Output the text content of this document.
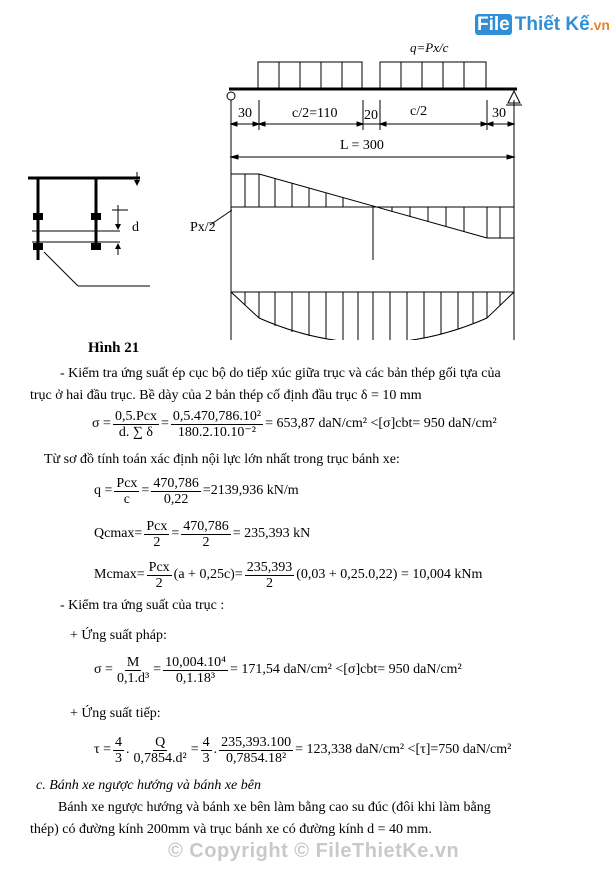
File Thiết Kế.vn
q=Px/c
30	c/2=110 20 c/2	30
L = 300
Px/2
d
Hình 21
- Kiểm tra ứng suất ép cục bộ do tiếp xúc giữa trục và các bản thép gối tựa của
trục ở hai đầu trục. Bề dày của 2 bản thép cố định đầu trục δ = 10 mm
$\sigma = \frac{\text{0,5.Pcx}}{d. \sum \delta} = \frac{\text{0,5.470,786.10²}}{\text{180.2.10.10⁻²}} = 653,87$ daN/cm² <[σ]cbt= 950 daN/cm²
Từ sơ đồ tính toán xác định nội lực lớn nhất trong trục bánh xe:
$q = \frac{\text{Pcx}}{c} = \frac{470,786}{0,22} =2139,936$ kN/m
$Qcmax= \frac{\text{Pcx}}{2} = \frac{470,786}{2} = 235,393$ kN
$Mcmax= \frac{\text{Pcx}}{2} (a + 0,25c)= \frac{235,393}{2} (0,03 + 0,25.0,22) = 10,004$ kNm
- Kiểm tra ứng suất của trục :
+ Ứng suất pháp:
$\sigma = \frac{M}{\text{0,1.d³}} = \frac{\text{10,004.10⁴}}{\text{0,1.18³}} = 171,54$ daN/cm² <[σ]cbt= 950 daN/cm²
+ Ứng suất tiếp:
$\tau = \frac{4}{3}$ . $\frac{Q}{\text{0,7854.d²}} = \frac{4}{3}$ . $\frac{235,393.100}{\text{0,7854.18²}} = 123,338$ daN/cm² <[τ]=750 daN/cm²
c. Bánh xe ngược hướng và bánh xe bên
Bánh xe ngược hướng và bánh xe bên làm bằng cao su đúc (đôi khi làm bằng
thép) có đường kính 200mm và trục bánh xe có đường kính d = 40 mm.
© Copyright © FileThietKe.vn
